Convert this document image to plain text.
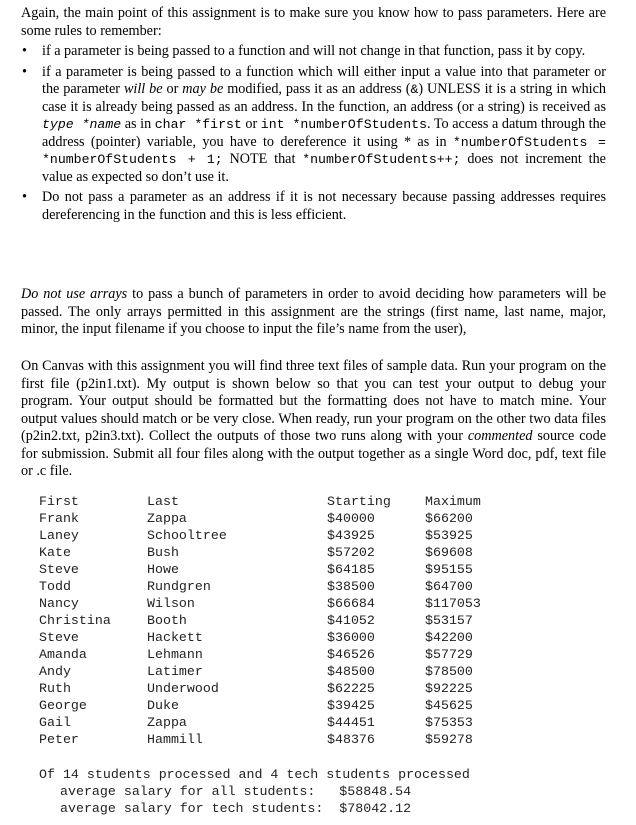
Again, the main point of this assignment is to make sure you know how to pass parameters. Here are some rules to remember:
• if a parameter is being passed to a function and will not change in that function, pass it by copy.
• if a parameter is being passed to a function which will either input a value into that parameter or the parameter will be or may be modified, pass it as an address (&) UNLESS it is a string in which case it is already being passed as an address. In the function, an address (or a string) is received as type *name as in char *first or int *numberOfStudents. To access a datum through the address (pointer) variable, you have to dereference it using * as in *numberOfStudents = *numberOfStudents + 1; NOTE that *numberOfStudents++; does not increment the value as expected so don’t use it.
• Do not pass a parameter as an address if it is not necessary because passing addresses requires dereferencing in the function and this is less efficient.
Do not use arrays to pass a bunch of parameters in order to avoid deciding how parameters will be passed. The only arrays permitted in this assignment are the strings (first name, last name, major, minor, the input filename if you choose to input the file’s name from the user),
On Canvas with this assignment you will find three text files of sample data. Run your program on the first file (p2in1.txt). My output is shown below so that you can test your output to debug your program. Your output should be formatted but the formatting does not have to match mine. Your output values should match or be very close. When ready, run your program on the other two data files (p2in2.txt, p2in3.txt). Collect the outputs of those two runs along with your commented source code for submission. Submit all four files along with the output together as a single Word doc, pdf, text file or .c file.
First	Last	Starting	Maximum
Frank	Zappa	$40000	$66200
Laney	Schooltree	$43925	$53925
Kate	Bush	$57202	$69608
Steve	Howe	$64185	$95155
Todd	Rundgren	$38500	$64700
Nancy	Wilson	$66684	$117053
Christina	Booth	$41052	$53157
Steve	Hackett	$36000	$42200
Amanda	Lehmann	$46526	$57729
Andy	Latimer	$48500	$78500
Ruth	Underwood	$62225	$92225
George	Duke	$39425	$45625
Gail	Zappa	$44451	$75353
Peter	Hammill	$48376	$59278
Of 14 students processed and 4 tech students processed
average salary for all students:   $58848.54
average salary for tech students:  $78042.12
